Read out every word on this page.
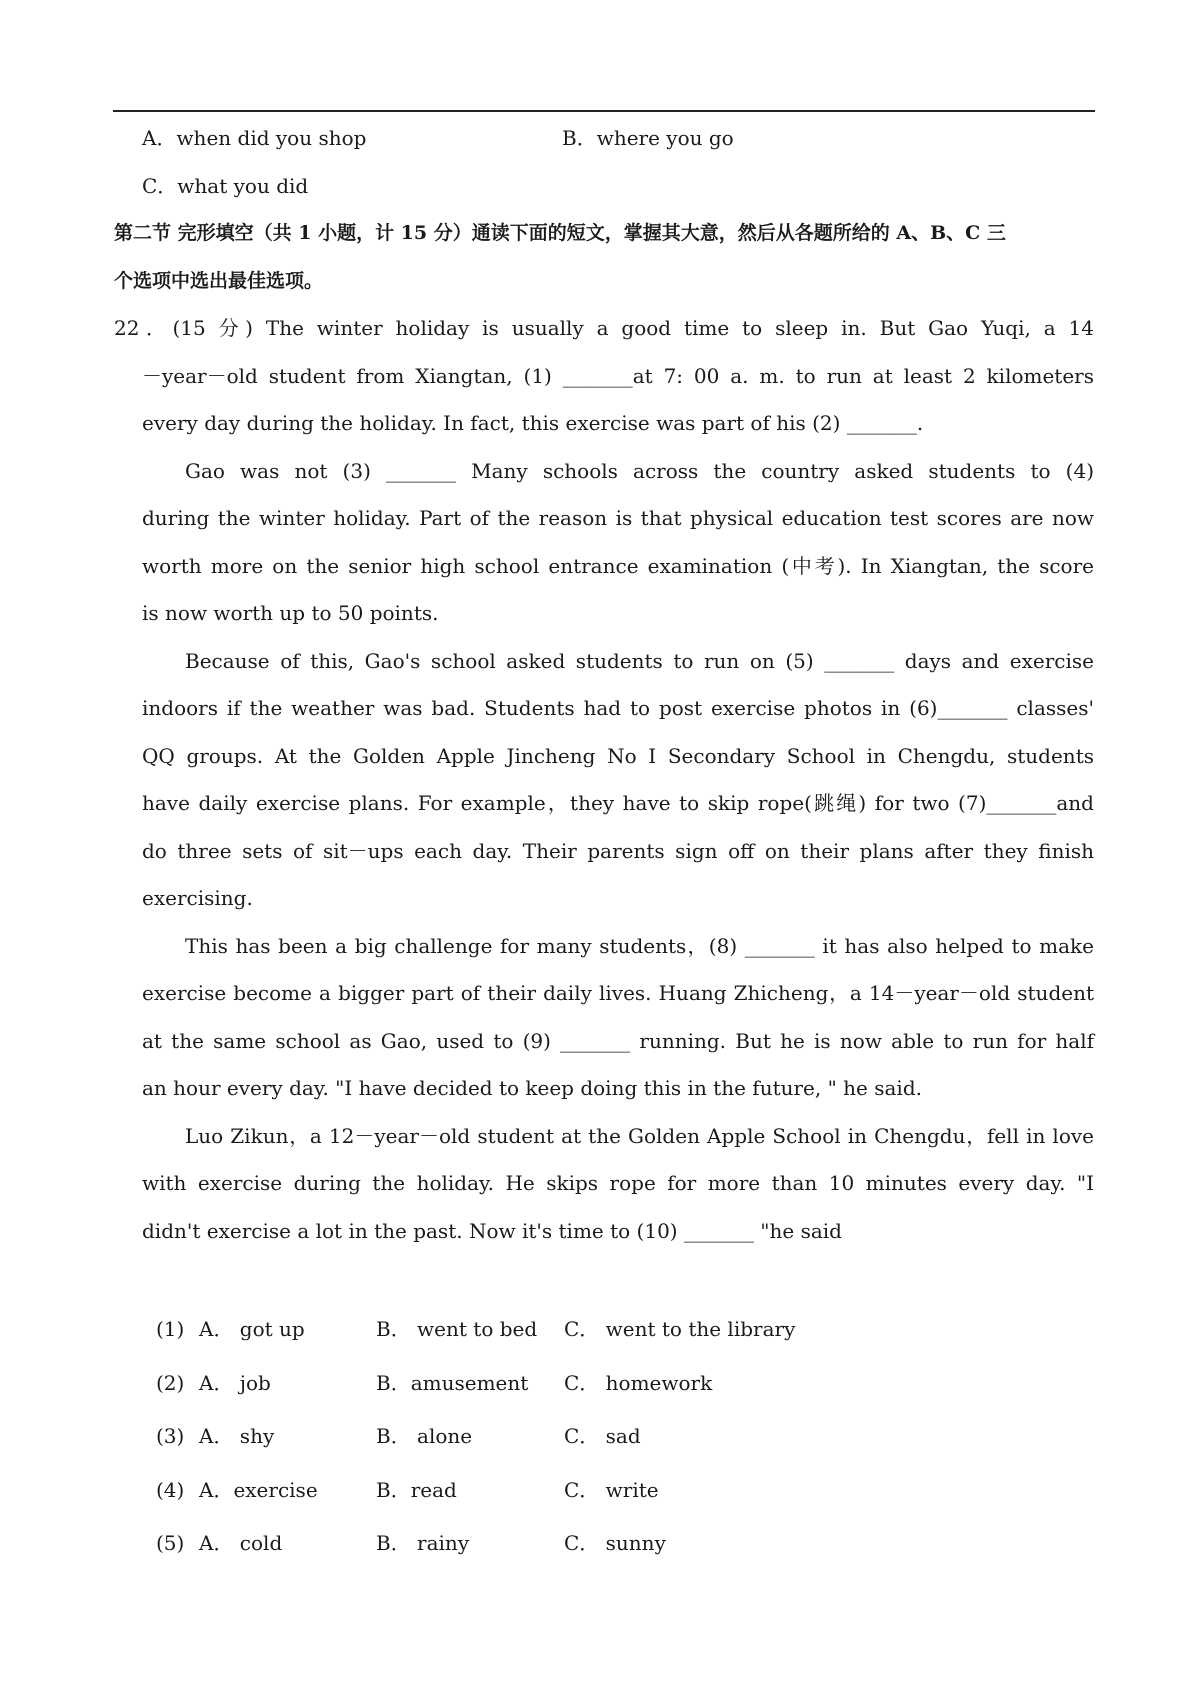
A．when did you shop	B．where you go
C．what you did
第二节 完形填空（共 1 小题，计 15 分）通读下面的短文，掌握其大意，然后从各题所给的 A、B、C 三
个选项中选出最佳选项。
22．(15 分) The winter holiday is usually a good time to sleep in. But Gao Yuqi, a 14
－year－old student from Xiangtan, (1) _______at 7: 00 a. m. to run at least 2 kilometers
every day during the holiday. In fact, this exercise was part of his (2) _______.
Gao was not (3) _______ Many schools across the country asked students to (4)
during the winter holiday. Part of the reason is that physical education test scores are now
worth more on the senior high school entrance examination (中考). In Xiangtan, the score
is now worth up to 50 points.
Because of this, Gao's school asked students to run on (5) _______ days and exercise
indoors if the weather was bad. Students had to post exercise photos in (6)_______ classes'
QQ groups. At the Golden Apple Jincheng No I Secondary School in Chengdu, students
have daily exercise plans. For example，they have to skip rope(跳绳) for two (7)_______and
do three sets of sit－ups each day. Their parents sign off on their plans after they finish
exercising.
This has been a big challenge for many students，(8) _______ it has also helped to make
exercise become a bigger part of their daily lives. Huang Zhicheng，a 14－year－old student
at the same school as Gao, used to (9) _______ running. But he is now able to run for half
an hour every day. "I have decided to keep doing this in the future, " he said.
Luo Zikun，a 12－year－old student at the Golden Apple School in Chengdu，fell in love
with exercise during the holiday. He skips rope for more than 10 minutes every day. "I
didn't exercise a lot in the past. Now it's time to (10) _______ "he said
(1) A． got up	B． went to bed C． went to the library
(2) A． job	B．amusement C． homework
(3) A． shy	B． alone	C． sad
(4) A．exercise	B．read	C． write
(5) A． cold	B． rainy	C． sunny
